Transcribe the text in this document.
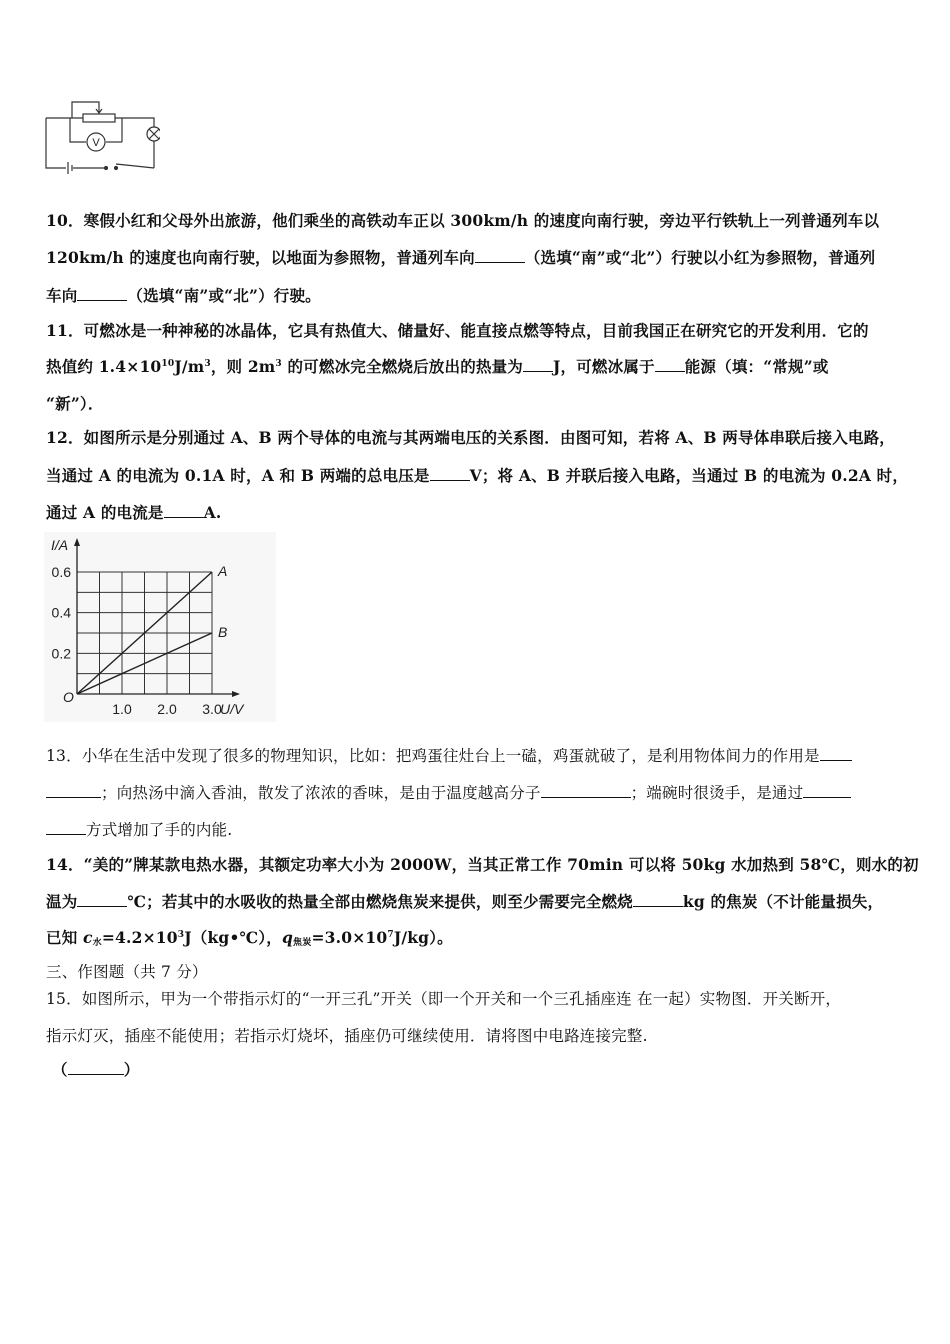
V
10．寒假小红和父母外出旅游，他们乘坐的高铁动车正以 300km/h 的速度向南行驶，旁边平行铁轨上一列普通列车以
120km/h 的速度也向南行驶，以地面为参照物，普通列车向	（选填“南”或“北”）行驶以小红为参照物，普通列
车向	（选填“南”或“北”）行驶。
11．可燃冰是一种神秘的冰晶体，它具有热值大、储量好、能直接点燃等特点，目前我国正在研究它的开发利用．它的
热值约 $1.4\times 10^{10}J/m^3$，则 $2m^3$ 的可燃冰完全燃烧后放出的热量为 J，可燃冰属于 能源（填：“常规”或
“新”）．
12．如图所示是分别通过 A、B 两个导体的电流与其两端电压的关系图．由图可知，若将 A、B 两导体串联后接入电路，
当通过 A 的电流为 0.1A 时，A 和 B 两端的总电压是	V；将 A、B 并联后接入电路，当通过 B 的电流为 0.2A 时，
通过 A 的电流是	A.
A
B
0.2
0.4
0.6
1.0 2.0 3.0
O
I/A
U/V
13．小华在生活中发现了很多的物理知识，比如：把鸡蛋往灶台上一磕，鸡蛋就破了，是利用物体间力的作用是
；向热汤中滴入香油，散发了浓浓的香味，是由于温度越高分子	；端碗时很烫手，是通过
方式增加了手的内能.
14．“美的”牌某款电热水器，其额定功率大小为 2000W，当其正常工作 70min 可以将 50kg 水加热到 58℃，则水的初
温为	℃；若其中的水吸收的热量全部由燃烧焦炭来提供，则至少需要完全燃烧	kg 的焦炭（不计能量损失，
已知 $c_水=4.2\times 10^3J(kg•℃)$，$q_{焦炭}=3.0\times 10^7J/kg$）。
三、作图题（共 7 分）
15．如图所示，甲为一个带指示灯的“一开三孔”开关（即一个开关和一个三孔插座连 在一起）实物图．开关断开，
指示灯灭，插座不能使用；若指示灯烧坏，插座仍可继续使用．请将图中电路连接完整.
（	）
